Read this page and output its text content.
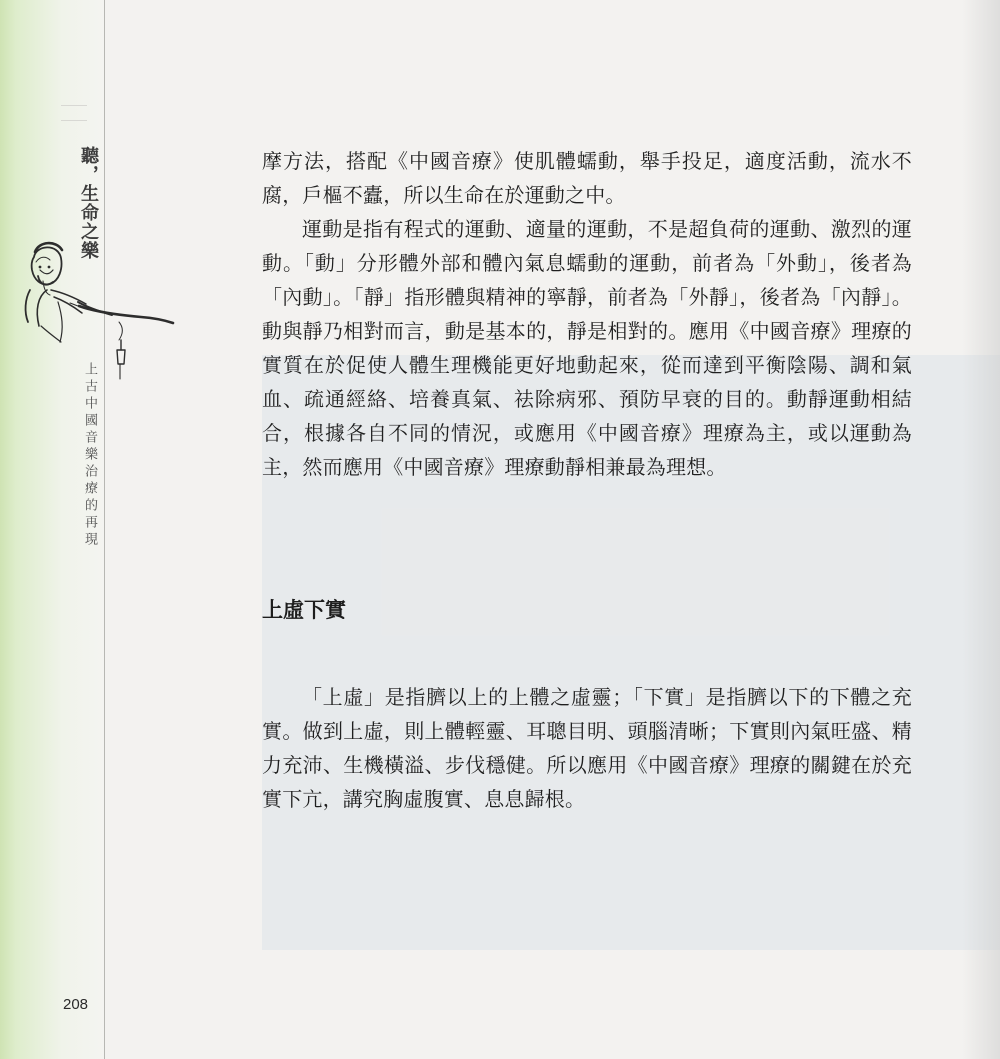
聽，生命之樂
上古中國音樂治療的再現
208

摩方法，搭配《中國音療》使肌體蠕動，舉手投足，適度活動，流水不腐，戶樞不蠹，所以生命在於運動之中。

運動是指有程式的運動、適量的運動，不是超負荷的運動、激烈的運動。「動」分形體外部和體內氣息蠕動的運動，前者為「外動」，後者為「內動」。「靜」指形體與精神的寧靜，前者為「外靜」，後者為「內靜」。動與靜乃相對而言，動是基本的，靜是相對的。應用《中國音療》理療的實質在於促使人體生理機能更好地動起來，從而達到平衡陰陽、調和氣血、疏通經絡、培養真氣、祛除病邪、預防早衰的目的。動靜運動相結合，根據各自不同的情況，或應用《中國音療》理療為主，或以運動為主，然而應用《中國音療》理療動靜相兼最為理想。

上虛下實

「上虛」是指臍以上的上體之虛靈；「下實」是指臍以下的下體之充實。做到上虛，則上體輕靈、耳聰目明、頭腦清晰；下實則內氣旺盛、精力充沛、生機橫溢、步伐穩健。所以應用《中國音療》理療的關鍵在於充實下亢，講究胸虛腹實、息息歸根。
